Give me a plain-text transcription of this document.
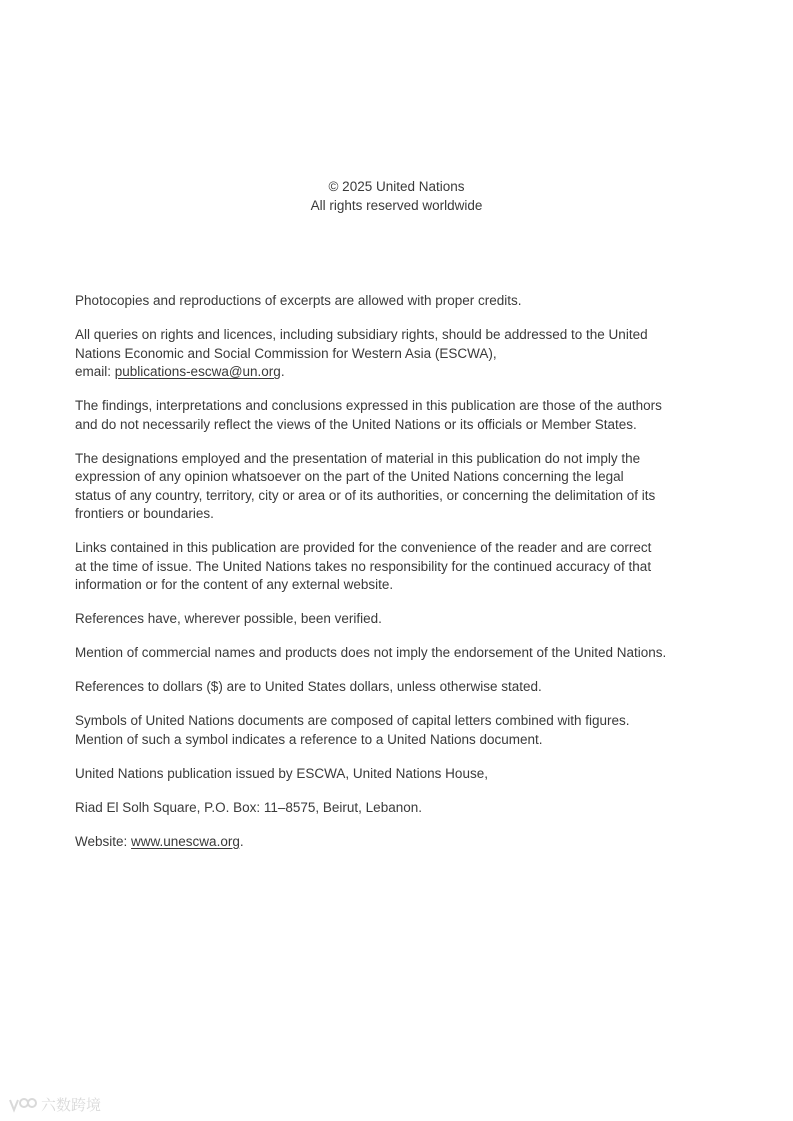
© 2025 United Nations
All rights reserved worldwide

Photocopies and reproductions of excerpts are allowed with proper credits.

All queries on rights and licences, including subsidiary rights, should be addressed to the United
Nations Economic and Social Commission for Western Asia (ESCWA),
email: publications-escwa@un.org.

The findings, interpretations and conclusions expressed in this publication are those of the authors
and do not necessarily reflect the views of the United Nations or its officials or Member States.

The designations employed and the presentation of material in this publication do not imply the
expression of any opinion whatsoever on the part of the United Nations concerning the legal
status of any country, territory, city or area or of its authorities, or concerning the delimitation of its
frontiers or boundaries.

Links contained in this publication are provided for the convenience of the reader and are correct
at the time of issue. The United Nations takes no responsibility for the continued accuracy of that
information or for the content of any external website.

References have, wherever possible, been verified.

Mention of commercial names and products does not imply the endorsement of the United Nations.

References to dollars ($) are to United States dollars, unless otherwise stated.

Symbols of United Nations documents are composed of capital letters combined with figures.
Mention of such a symbol indicates a reference to a United Nations document.

United Nations publication issued by ESCWA, United Nations House,

Riad El Solh Square, P.O. Box: 11–8575, Beirut, Lebanon.

Website: www.unescwa.org.

六数跨境
